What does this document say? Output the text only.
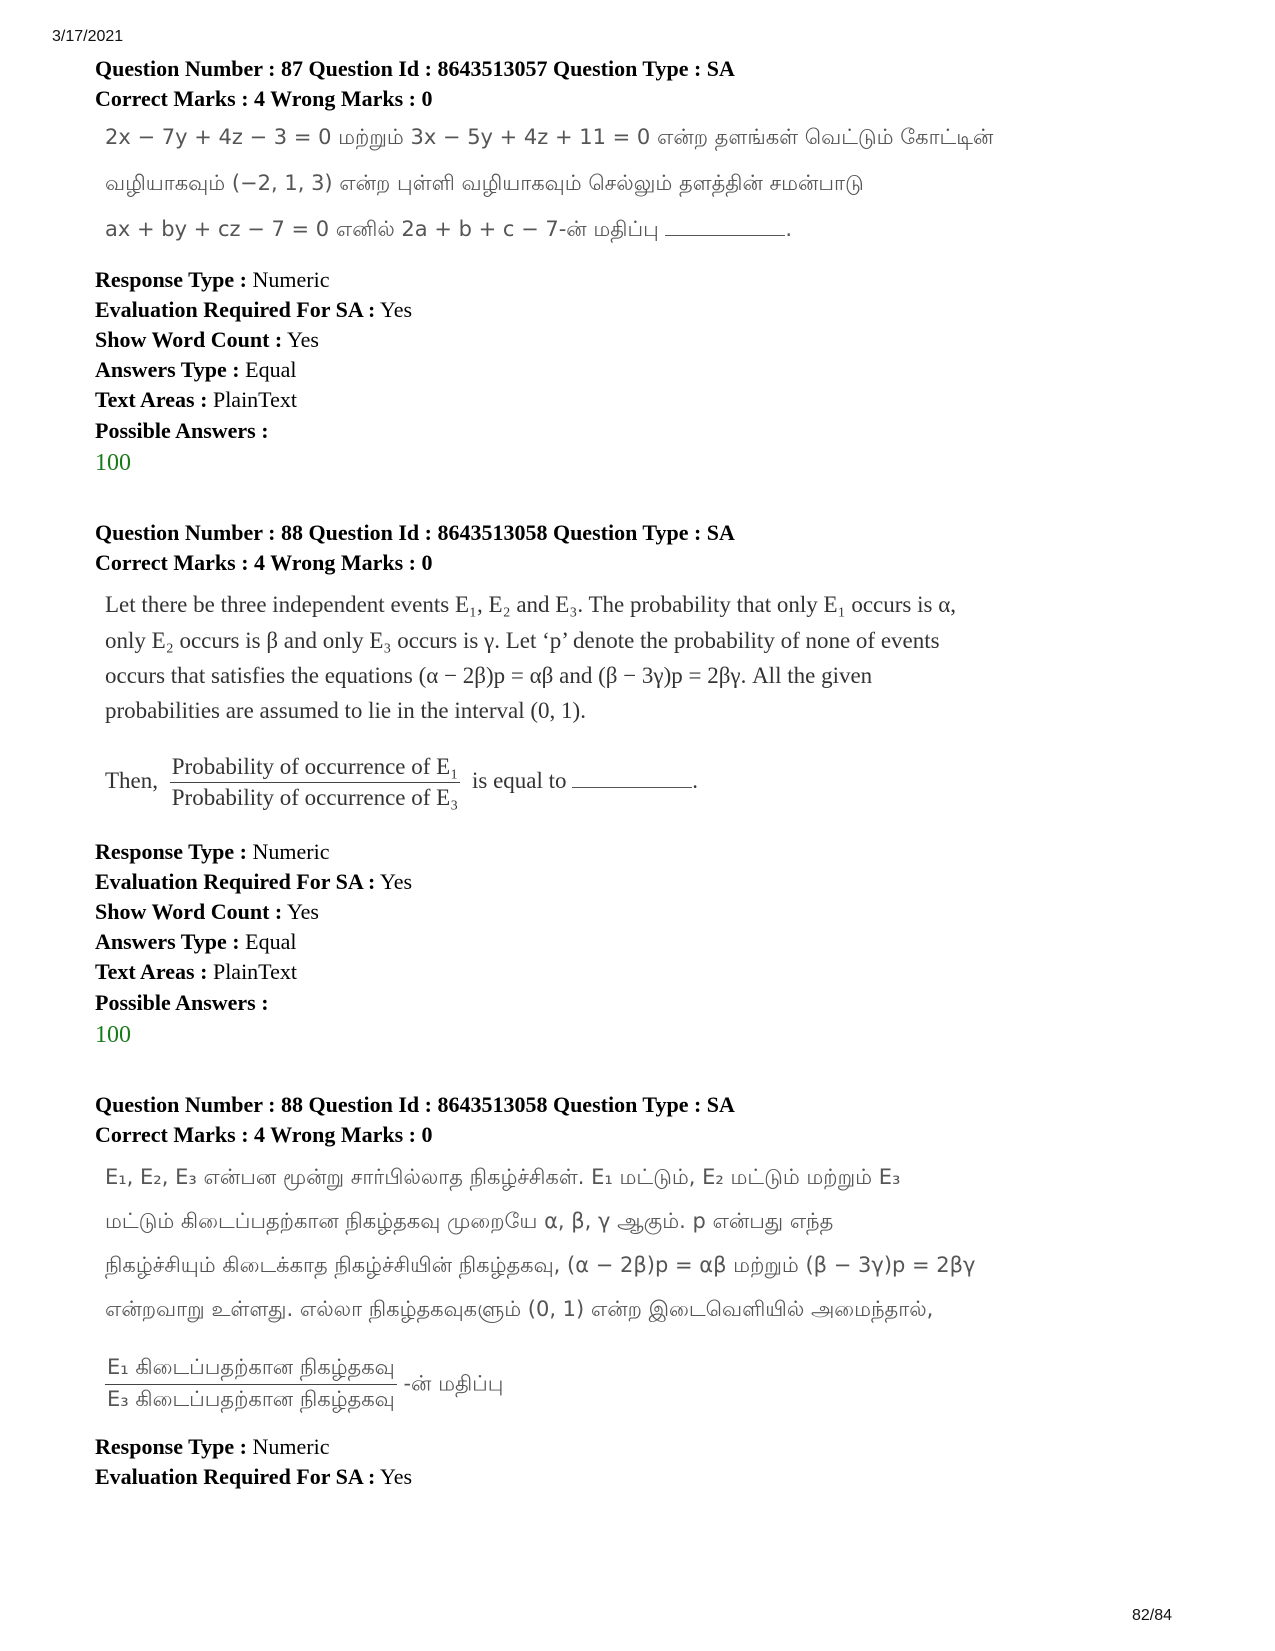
3/17/2021
Question Number : 87 Question Id : 8643513057 Question Type : SA
Correct Marks : 4 Wrong Marks : 0
2x − 7y + 4z − 3 = 0 மற்றும் 3x − 5y + 4z + 11 = 0 என்ற தளங்கள் வெட்டும் கோட்டின்
வழியாகவும் (−2, 1, 3) என்ற புள்ளி வழியாகவும் செல்லும் தளத்தின் சமன்பாடு
ax + by + cz − 7 = 0 எனில் 2a + b + c − 7-ன் மதிப்பு	.
Response Type : Numeric
Evaluation Required For SA : Yes
Show Word Count : Yes
Answers Type : Equal
Text Areas : PlainText
Possible Answers :
100
Question Number : 88 Question Id : 8643513058 Question Type : SA
Correct Marks : 4 Wrong Marks : 0
Let there be three independent events E₁, E₂ and E₃. The probability that only E₁ occurs is α,
only E₂ occurs is β and only E₃ occurs is γ. Let ‘p’ denote the probability of none of events
occurs that satisfies the equations (α − 2β)p = αβ and (β − 3γ)p = 2βγ. All the given
probabilities are assumed to lie in the interval (0, 1).
Then, $\frac{\text{Probability of occurrence of E₁}}{\text{Probability of occurrence of E₃}}$ is equal to	.
Response Type : Numeric
Evaluation Required For SA : Yes
Show Word Count : Yes
Answers Type : Equal
Text Areas : PlainText
Possible Answers :
100
Question Number : 88 Question Id : 8643513058 Question Type : SA
Correct Marks : 4 Wrong Marks : 0
E₁, E₂, E₃ என்பன மூன்று சார்பில்லாத நிகழ்ச்சிகள். E₁ மட்டும், E₂ மட்டும் மற்றும் E₃
மட்டும் கிடைப்பதற்கான நிகழ்தகவு முறையே α, β, γ ஆகும். p என்பது எந்த
நிகழ்ச்சியும் கிடைக்காத நிகழ்ச்சியின் நிகழ்தகவு, (α − 2β)p = αβ மற்றும் (β − 3γ)p = 2βγ
என்றவாறு உள்ளது. எல்லா நிகழ்தகவுகளும் (0, 1) என்ற இடைவெளியில் அமைந்தால்,
$\frac{\text{E₁ கிடைப்பதற்கான நிகழ்தகவு}}{\text{E₃ கிடைப்பதற்கான நிகழ்தகவு}}$ -ன் மதிப்பு
Response Type : Numeric
Evaluation Required For SA : Yes
82/84
